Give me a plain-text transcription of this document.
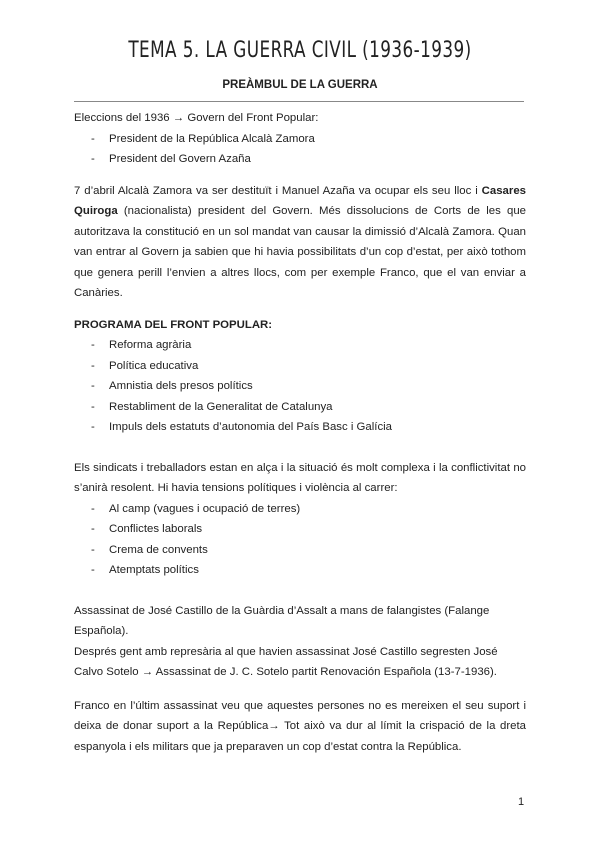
TEMA 5. LA GUERRA CIVIL (1936-1939)
PREÀMBUL DE LA GUERRA

Eleccions del 1936 → Govern del Front Popular:

- President de la República Alcalà Zamora
- President del Govern Azaña

7 d’abril Alcalà Zamora va ser destituït i Manuel Azaña va ocupar els seu lloc i Casares Quiroga (nacionalista) president del Govern. Més dissolucions de Corts de les que autoritzava la constitució en un sol mandat van causar la dimissió d’Alcalà Zamora. Quan van entrar al Govern ja sabien que hi havia possibilitats d’un cop d’estat, per això tothom que genera perill l’envien a altres llocs, com per exemple Franco, que el van enviar a Canàries.

PROGRAMA DEL FRONT POPULAR:

- Reforma agrària
- Política educativa
- Amnistia dels presos polítics
- Restabliment de la Generalitat de Catalunya
- Impuls dels estatuts d’autonomia del País Basc i Galícia

Els sindicats i treballadors estan en alça i la situació és molt complexa i la conflictivitat no s’anirà resolent. Hi havia tensions polítiques i violència al carrer:

- Al camp (vagues i ocupació de terres)
- Conflictes laborals
- Crema de convents
- Atemptats polítics

Assassinat de José Castillo de la Guàrdia d’Assalt a mans de falangistes (Falange Española).

Després gent amb represària al que havien assassinat José Castillo segresten José Calvo Sotelo → Assassinat de J. C. Sotelo partit Renovación Española (13-7-1936).

Franco en l’últim assassinat veu que aquestes persones no es mereixen el seu suport i deixa de donar suport a la República→ Tot això va dur al límit la crispació de la dreta espanyola i els militars que ja preparaven un cop d’estat contra la República.

1
